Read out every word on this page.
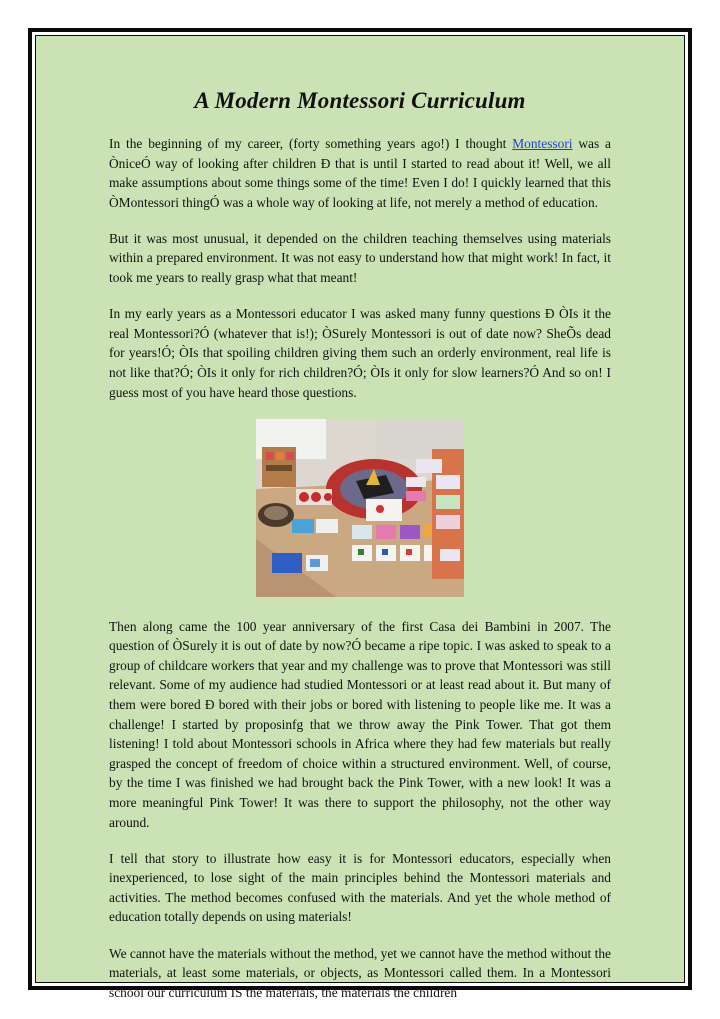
A Modern Montessori Curriculum

In the beginning of my career, (forty something years ago!) I thought Montessori was a ÒniceÓ way of looking after children Ð that is until I started to read about it! Well, we all make assumptions about some things some of the time! Even I do! I quickly learned that this ÒMontessori thingÓ was a whole way of looking at life, not merely a method of education.

But it was most unusual, it depended on the children teaching themselves using materials within a prepared environment. It was not easy to understand how that might work! In fact, it took me years to really grasp what that meant!

In my early years as a Montessori educator I was asked many funny questions Ð ÒIs it the real Montessori?Ó (whatever that is!); ÒSurely Montessori is out of date now? SheÕs dead for years!Ó; ÒIs that spoiling children giving them such an orderly environment, real life is not like that?Ó; ÒIs it only for rich children?Ó; ÒIs it only for slow learners?Ó And so on! I guess most of you have heard those questions.

Then along came the 100 year anniversary of the first Casa dei Bambini in 2007. The question of ÒSurely it is out of date by now?Ó became a ripe topic. I was asked to speak to a group of childcare workers that year and my challenge was to prove that Montessori was still relevant. Some of my audience had studied Montessori or at least read about it. But many of them were bored Ð bored with their jobs or bored with listening to people like me. It was a challenge! I started by proposinfg that we throw away the Pink Tower. That got them listening! I told about Montessori schools in Africa where they had few materials but really grasped the concept of freedom of choice within a structured environment. Well, of course, by the time I was finished we had brought back the Pink Tower, with a new look! It was a more meaningful Pink Tower! It was there to support the philosophy, not the other way around.

I tell that story to illustrate how easy it is for Montessori educators, especially when inexperienced, to lose sight of the main principles behind the Montessori materials and activities. The method becomes confused with the materials. And yet the whole method of education totally depends on using materials!

We cannot have the materials without the method, yet we cannot have the method without the materials, at least some materials, or objects, as Montessori called them. In a Montessori school our curriculum IS the materials, the materials the children
